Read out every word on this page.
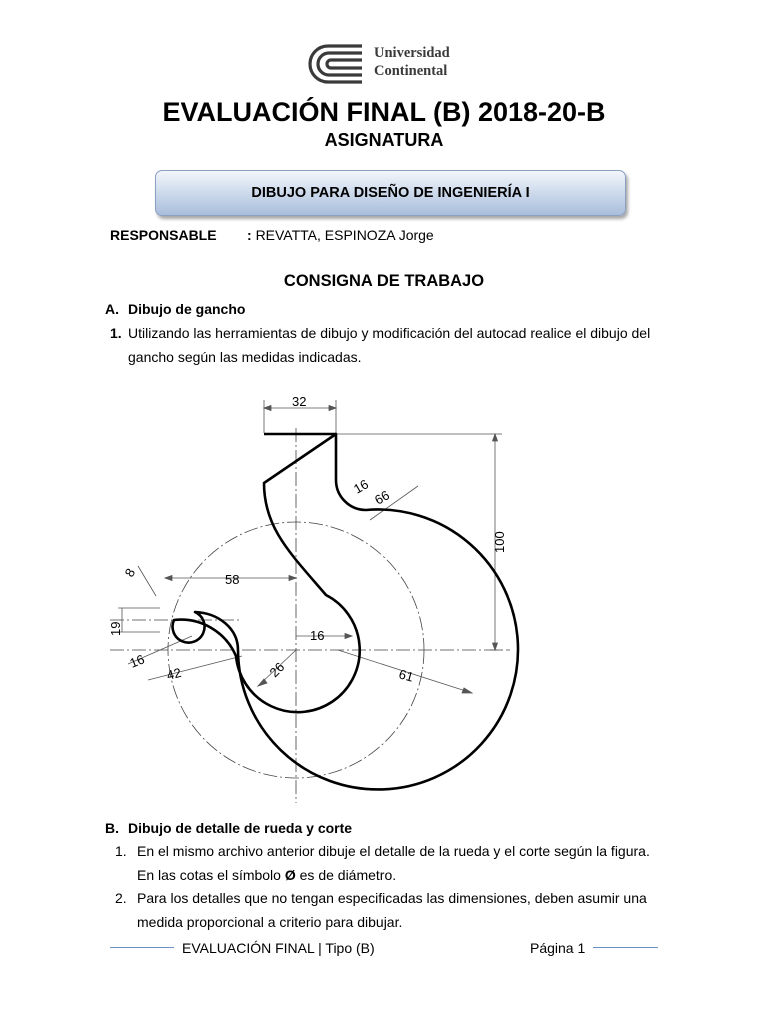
Universidad
Continental
EVALUACIÓN FINAL (B) 2018-20-B
ASIGNATURA
DIBUJO PARA DISEÑO DE INGENIERÍA I
RESPONSABLE : REVATTA, ESPINOZA Jorge
CONSIGNA DE TRABAJO
A. Dibujo de gancho
1. Utilizando las herramientas de dibujo y modificación del autocad realice el dibujo del
gancho según las medidas indicadas.
32
100
16
66
8	58
19	16
16
42	26	61
B. Dibujo de detalle de rueda y corte
1. En el mismo archivo anterior dibuje el detalle de la rueda y el corte según la figura.
En las cotas el símbolo Ø es de diámetro.
2. Para los detalles que no tengan especificadas las dimensiones, deben asumir una
medida proporcional a criterio para dibujar.
EVALUACIÓN FINAL | Tipo (B)	Página 1
